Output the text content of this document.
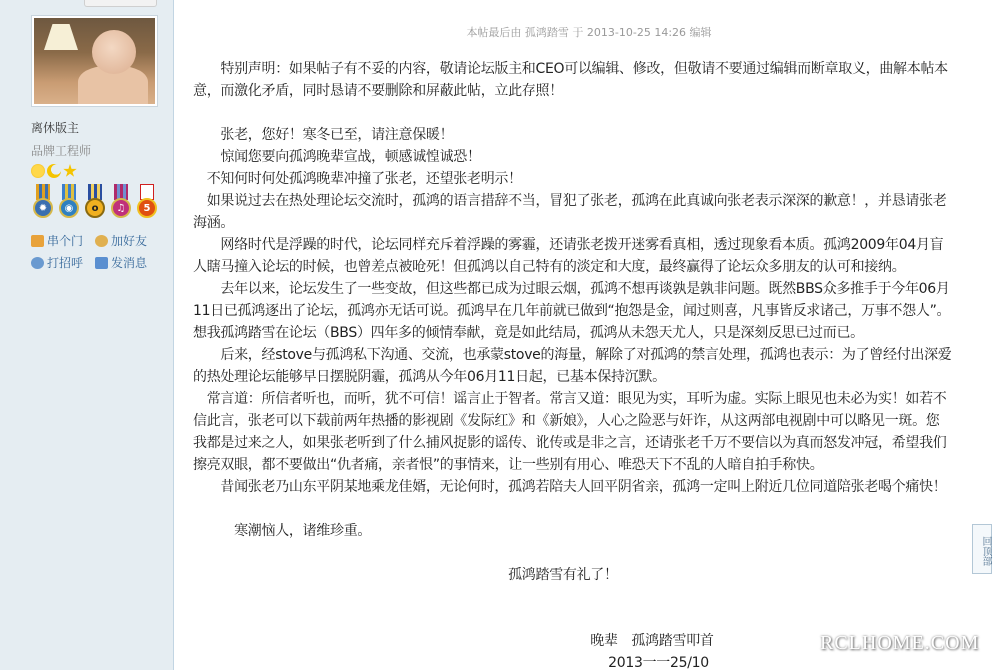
离休版主
品牌工程师
✹	◉	o	♫	5
串个门 加好友
打招呼 发消息
本帖最后由 孤鸿踏雪 于 2013-10-25 14:26 编辑

　　特别声明：如果帖子有不妥的内容，敬请论坛版主和CEO可以编辑、修改，但敬请不要通过编辑而断章取义，曲解本帖本意，而激化矛盾，同时恳请不要删除和屏蔽此帖，立此存照！

　　张老，您好！寒冬已至，请注意保暖！

　　惊闻您要向孤鸿晚辈宣战，顿感诚惶诚恐！

　不知何时何处孤鸿晚辈冲撞了张老，还望张老明示！

　如果说过去在热处理论坛交流时，孤鸿的语言措辞不当，冒犯了张老，孤鸿在此真诚向张老表示深深的歉意！，并恳请张老海涵。

　　网络时代是浮躁的时代，论坛同样充斥着浮躁的雾霾，还请张老拨开迷雾看真相，透过现象看本质。孤鸿2009年04月盲人瞎马撞入论坛的时候，也曾差点被呛死！但孤鸿以自己特有的淡定和大度，最终赢得了论坛众多朋友的认可和接纳。

　　去年以来，论坛发生了一些变故，但这些都已成为过眼云烟，孤鸿不想再谈孰是孰非问题。既然BBS众多推手于今年06月11日已孤鸿逐出了论坛，孤鸿亦无话可说。孤鸿早在几年前就已做到“抱怨是金，闻过则喜，凡事皆反求诸己，万事不怨人”。想我孤鸿踏雪在论坛（BBS）四年多的倾情奉献，竟是如此结局，孤鸿从未怨天尤人，只是深刻反思已过而已。

　　后来，经stove与孤鸿私下沟通、交流，也承蒙stove的海量，解除了对孤鸿的禁言处理，孤鸿也表示：为了曾经付出深爱的热处理论坛能够早日摆脱阴霾，孤鸿从今年06月11日起，已基本保持沉默。

　常言道：所信者听也，而听，犹不可信！谣言止于智者。常言又道：眼见为实，耳听为虚。实际上眼见也未必为实！如若不信此言，张老可以下载前两年热播的影视剧《发际红》和《新娘》，人心之险恶与奸诈，从这两部电视剧中可以略见一斑。您我都是过来之人，如果张老听到了什么捕风捉影的谣传、讹传或是非之言，还请张老千万不要信以为真而怒发冲冠，希望我们擦亮双眼，都不要做出“仇者痛，亲者恨”的事情来，让一些别有用心、唯恐天下不乱的人暗自拍手称快。

　　昔闻张老乃山东平阴某地乘龙佳婿，无论何时，孤鸿若陪夫人回平阴省亲，孤鸿一定叫上附近几位同道陪张老喝个痛快！

　　　寒潮恼人，诸维珍重。

　　　　　　　　　　　　　　　　　　　　　　　孤鸿踏雪有礼了！

　　　　　　　　　　　　　　　　　　　　　　　　　　　　　晚辈　孤鸿踏雪叩首

　　　　　　　　　　　　　　　　　　　　　　　　　　　　　　 2013一一25/10

回顶部
RCLHOME.COM
